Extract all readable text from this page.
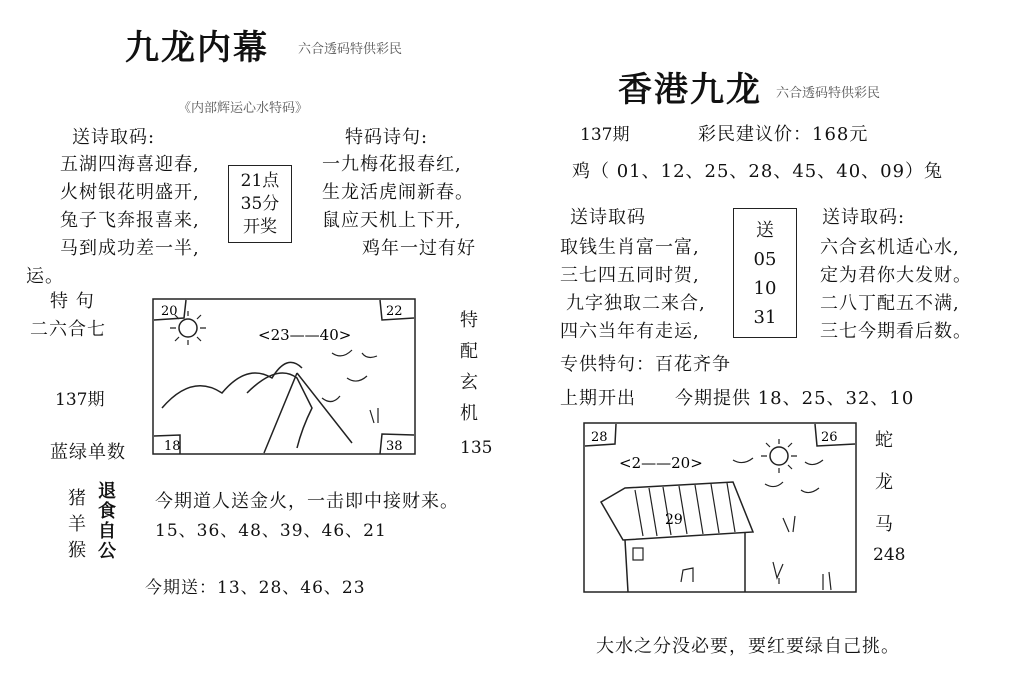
九龙内幕 六合透码特供彩民
《内部辉运心水特码》
送诗取码:
五湖四海喜迎春,
火树银花明盛开,
兔子飞奔报喜来,
马到成功差一半,
21点
35分
开奖
特码诗句:
一九梅花报春红,
生龙活虎闹新春。
鼠应天机上下开,
鸡年一过有好
运。
特 句
二六合七
137期
蓝绿单数
20	22
<23——40>
18	38
特
配
玄
机
135
猪
羊
猴
退
食
自
公
今期道人送金火，一击即中接财来。
15、36、48、39、46、21
今期送：13、28、46、23
香港九龙 六合透码特供彩民
137期	彩民建议价：168元
鸡（ 01、12、25、28、45、40、09）兔
送诗取码
取钱生肖富一富,
三七四五同时贺,
九字独取二来合,
四六当年有走运,
送
05
10
31
送诗取码:
六合玄机适心水,
定为君你大发财。
二八丁配五不满,
三七今期看后数。
专供特句：百花齐争
上期开出 今期提供 18、25、32、10
28	26
<2——20>
29
蛇
龙
马
248
大水之分没必要，要红要绿自己挑。
